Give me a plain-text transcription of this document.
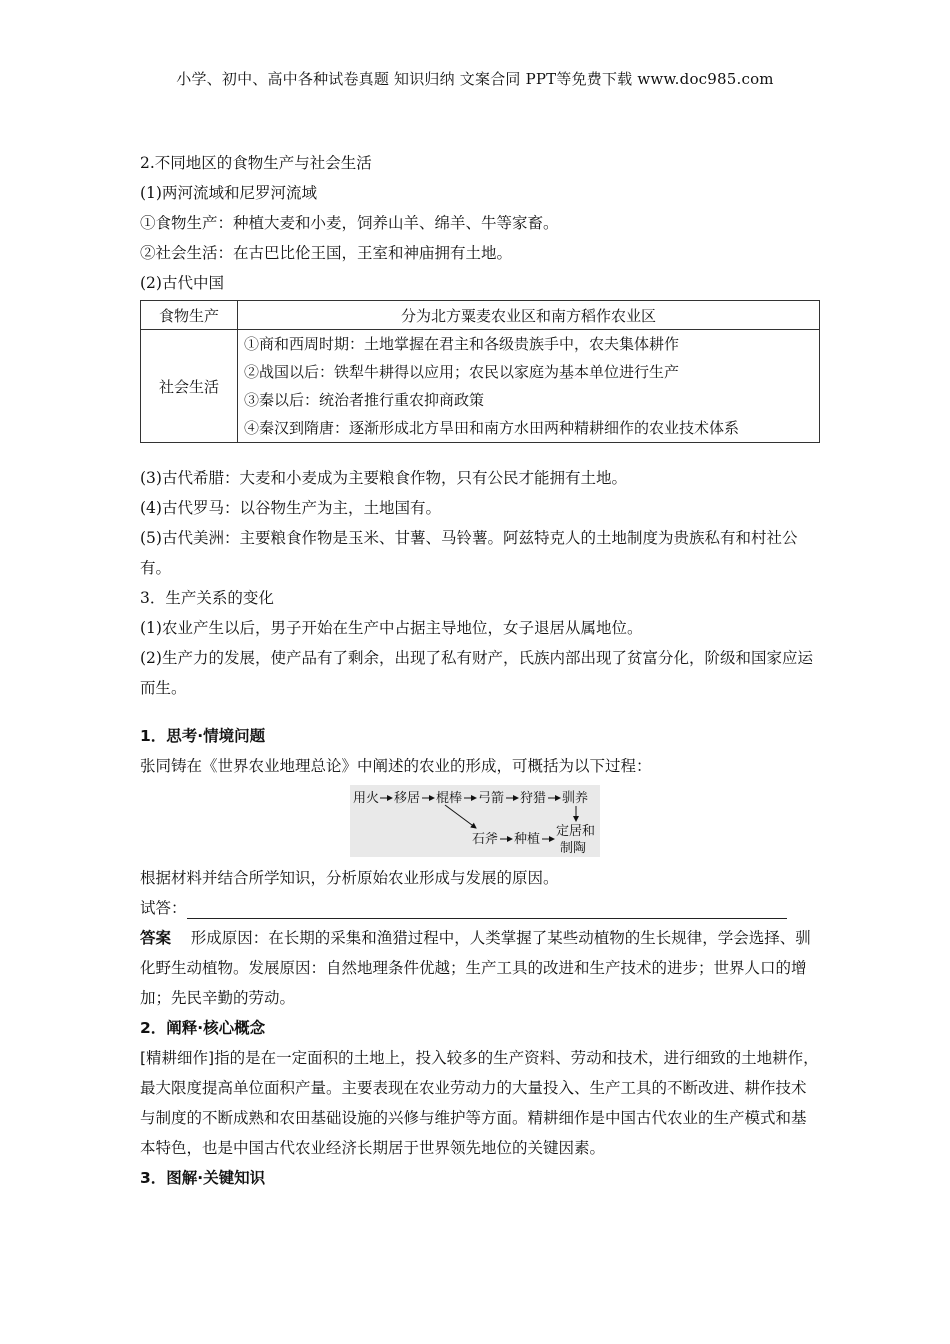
小学、初中、高中各种试卷真题 知识归纳 文案合同 PPT等免费下载 www.doc985.com
2.不同地区的食物生产与社会生活
(1)两河流域和尼罗河流域
①食物生产：种植大麦和小麦，饲养山羊、绵羊、牛等家畜。
②社会生活：在古巴比伦王国，王室和神庙拥有土地。
(2)古代中国
食物生产	分为北方粟麦农业区和南方稻作农业区
社会生活	①商和西周时期：土地掌握在君主和各级贵族手中，农夫集体耕作
②战国以后：铁犁牛耕得以应用；农民以家庭为基本单位进行生产
③秦以后：统治者推行重农抑商政策
④秦汉到隋唐：逐渐形成北方旱田和南方水田两种精耕细作的农业技术体系
(3)古代希腊：大麦和小麦成为主要粮食作物，只有公民才能拥有土地。
(4)古代罗马：以谷物生产为主，土地国有。
(5)古代美洲：主要粮食作物是玉米、甘薯、马铃薯。阿兹特克人的土地制度为贵族私有和村社公有。
3．生产关系的变化
(1)农业产生以后，男子开始在生产中占据主导地位，女子退居从属地位。
(2)生产力的发展，使产品有了剩余，出现了私有财产，氏族内部出现了贫富分化，阶级和国家应运而生。
1．思考·情境问题
张同铸在《世界农业地理总论》中阐述的农业的形成，可概括为以下过程：
用火 移居 棍棒 弓箭 狩猎 驯养
石斧 种植
定居和
制陶
根据材料并结合所学知识，分析原始农业形成与发展的原因。
试答：
答案 形成原因：在长期的采集和渔猎过程中，人类掌握了某些动植物的生长规律，学会选择、驯化野生动植物。发展原因：自然地理条件优越；生产工具的改进和生产技术的进步；世界人口的增加；先民辛勤的劳动。
2．阐释·核心概念
[精耕细作]指的是在一定面积的土地上，投入较多的生产资料、劳动和技术，进行细致的土地耕作，最大限度提高单位面积产量。主要表现在农业劳动力的大量投入、生产工具的不断改进、耕作技术与制度的不断成熟和农田基础设施的兴修与维护等方面。精耕细作是中国古代农业的生产模式和基本特色，也是中国古代农业经济长期居于世界领先地位的关键因素。
3．图解·关键知识
